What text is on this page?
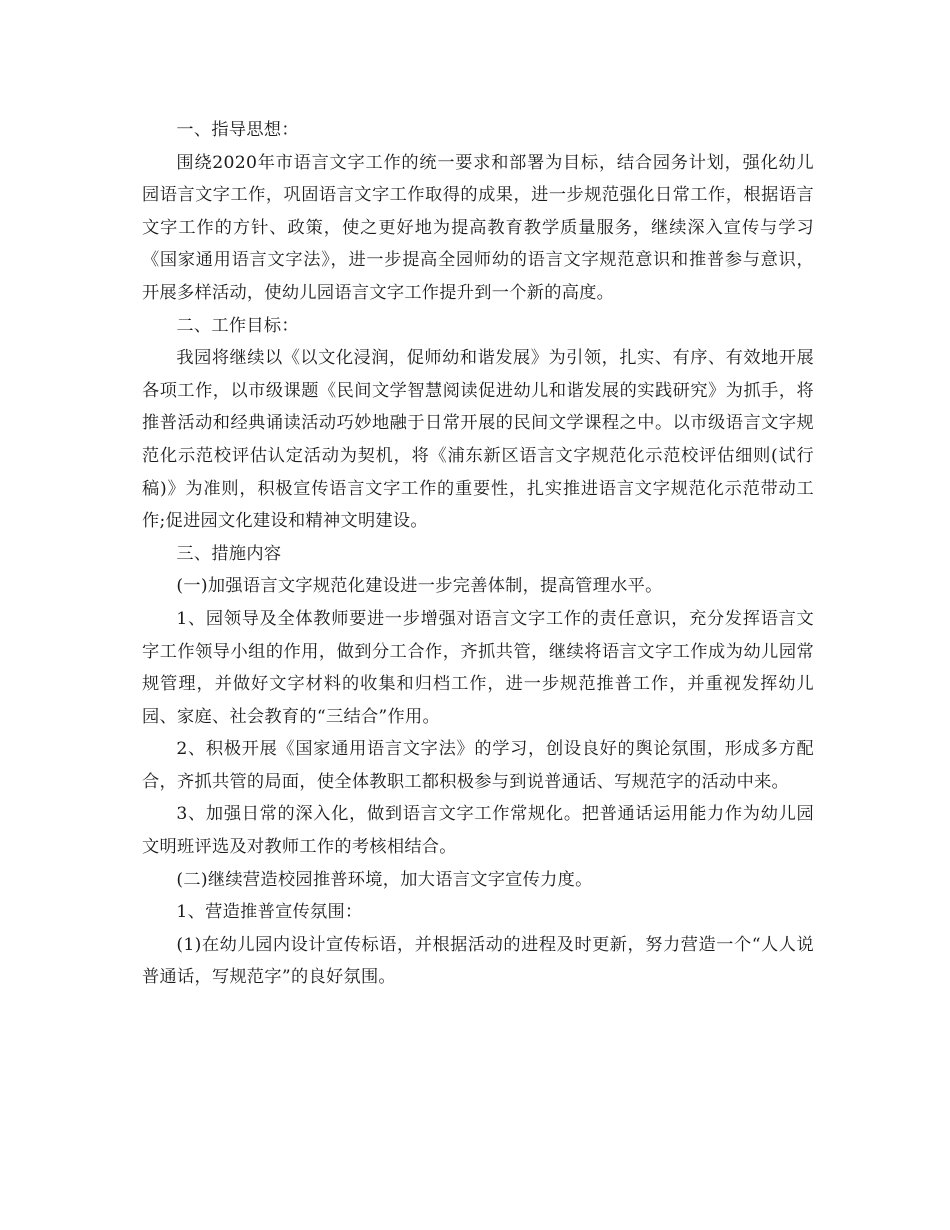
一、指导思想：

围绕2020年市语言文字工作的统一要求和部署为目标，结合园务计划，强化幼儿园语言文字工作，巩固语言文字工作取得的成果，进一步规范强化日常工作，根据语言文字工作的方针、政策，使之更好地为提高教育教学质量服务，继续深入宣传与学习《国家通用语言文字法》，进一步提高全园师幼的语言文字规范意识和推普参与意识，开展多样活动，使幼儿园语言文字工作提升到一个新的高度。

二、工作目标：

我园将继续以《以文化浸润，促师幼和谐发展》为引领，扎实、有序、有效地开展各项工作，以市级课题《民间文学智慧阅读促进幼儿和谐发展的实践研究》为抓手，将推普活动和经典诵读活动巧妙地融于日常开展的民间文学课程之中。以市级语言文字规范化示范校评估认定活动为契机，将《浦东新区语言文字规范化示范校评估细则(试行稿)》为准则，积极宣传语言文字工作的重要性，扎实推进语言文字规范化示范带动工作;促进园文化建设和精神文明建设。

三、措施内容

(一)加强语言文字规范化建设进一步完善体制，提高管理水平。

1、园领导及全体教师要进一步增强对语言文字工作的责任意识，充分发挥语言文字工作领导小组的作用，做到分工合作，齐抓共管，继续将语言文字工作成为幼儿园常规管理，并做好文字材料的收集和归档工作，进一步规范推普工作，并重视发挥幼儿园、家庭、社会教育的“三结合”作用。

2、积极开展《国家通用语言文字法》的学习，创设良好的舆论氛围，形成多方配合，齐抓共管的局面，使全体教职工都积极参与到说普通话、写规范字的活动中来。

3、加强日常的深入化，做到语言文字工作常规化。把普通话运用能力作为幼儿园文明班评选及对教师工作的考核相结合。

(二)继续营造校园推普环境，加大语言文字宣传力度。

1、营造推普宣传氛围：

(1)在幼儿园内设计宣传标语，并根据活动的进程及时更新，努力营造一个“人人说普通话，写规范字”的良好氛围。
